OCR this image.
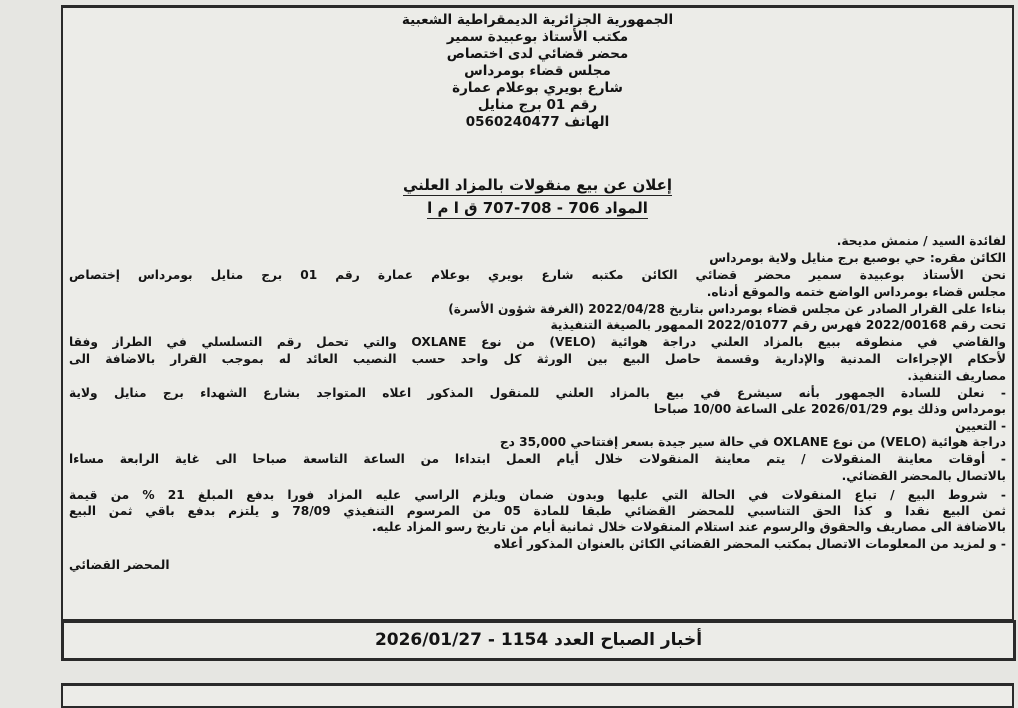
الجمهورية الجزائرية الديمقراطية الشعبية
مكتب الأستاذ بوعبيدة سمير
محضر قضائي لدى اختصاص
مجلس قضاء بومرداس
شارع بويري بوعلام عمارة
رقم 01 برج منايل
الهاتف 0560240477
إعلان عن بيع منقولات بالمزاد العلني
المواد 706 - 708-707 ق ا م ا
لفائدة السيد / منمش مديحة.
الكائن مقره: حي بوصبع برج منايل ولاية بومرداس
نحن الأستاذ بوعبيدة سمير محضر قضائي الكائن مكتبه شارع بويري بوعلام عمارة رقم 01 برج منايل بومرداس إختصاص
مجلس قضاء بومرداس الواضع ختمه والموقع أدناه.
بناءا على القرار الصادر عن مجلس قضاء بومرداس بتاريخ 2022/04/28 (الغرفة شؤون الأسرة)
تحت رقم 2022/00168 فهرس رقم 2022/01077 الممهور بالصيغة التنفيذية
والقاضي في منطوقه ببيع بالمزاد العلني دراجة هوائية (VELO) من نوع OXLANE والتي تحمل رقم التسلسلي في الطراز وفقا
لأحكام الإجراءات المدنية والإدارية وقسمة حاصل البيع بين الورثة كل واحد حسب النصيب العائد له بموجب القرار بالاضافة الى
مصاريف التنفيذ.
- نعلن للسادة الجمهور بأنه سيشرع في بيع بالمزاد العلني للمنقول المذكور اعلاه المتواجد بشارع الشهداء برج منايل ولاية
بومرداس وذلك يوم 2026/01/29 على الساعة 10/00 صباحا
- التعيين
دراجة هوائية (VELO) من نوع OXLANE في حالة سير جيدة بسعر إفتتاحي 35,000 دج
- أوقات معاينة المنقولات / يتم معاينة المنقولات خلال أيام العمل ابتداءا من الساعة التاسعة صباحا الى غاية الرابعة مساءا
بالاتصال بالمحضر القضائي.
- شروط البيع / تباع المنقولات في الحالة التي عليها وبدون ضمان ويلزم الراسي عليه المزاد فورا بدفع المبلغ 21 % من قيمة
ثمن البيع نقدا و كذا الحق التناسبي للمحضر القضائي طبقا للمادة 05 من المرسوم التنفيذي 78/09 و يلتزم بدفع باقي ثمن البيع
بالاضافة الى مصاريف والحقوق والرسوم عند استلام المنقولات خلال ثمانية أيام من تاريخ رسو المزاد عليه.
- و لمزيد من المعلومات الاتصال بمكتب المحضر القضائي الكائن بالعنوان المذكور أعلاه
المحضر القضائي
أخبار الصباح العدد 1154 - 2026/01/27
